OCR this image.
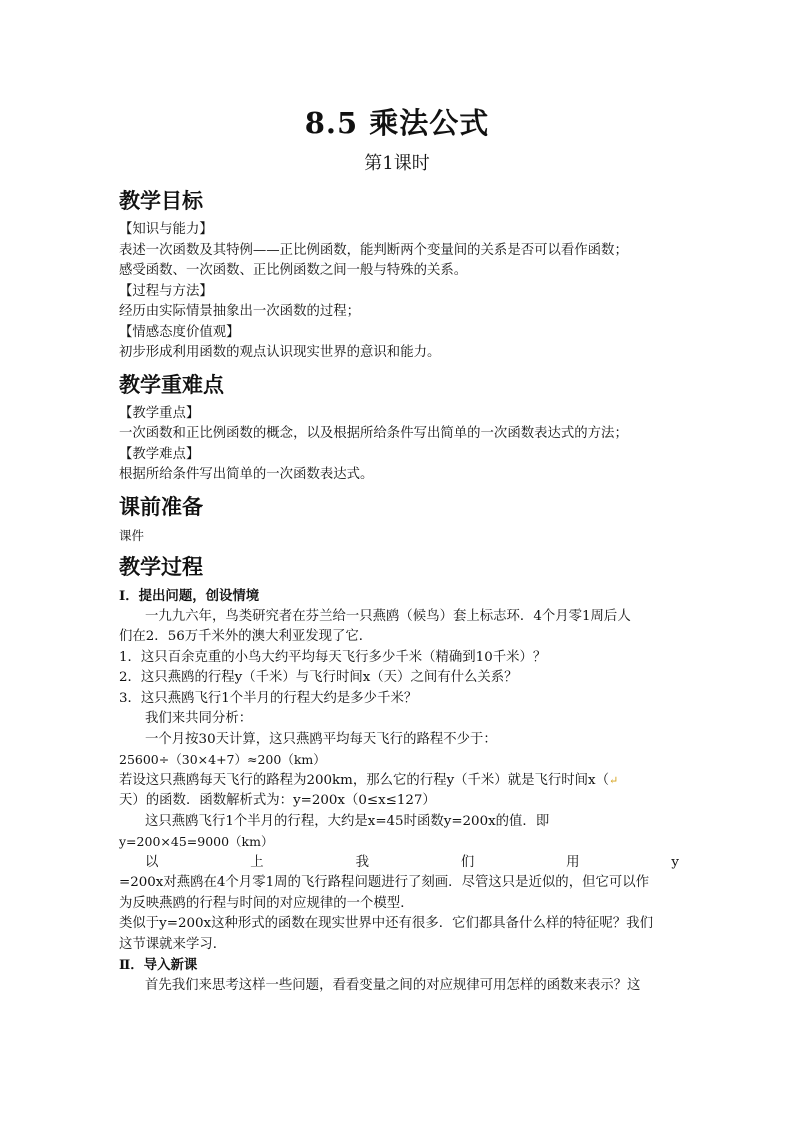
8.5 乘法公式
第1课时
教学目标

【知识与能力】

表述一次函数及其特例——正比例函数，能判断两个变量间的关系是否可以看作函数；

感受函数、一次函数、正比例函数之间一般与特殊的关系。

【过程与方法】

经历由实际情景抽象出一次函数的过程；

【情感态度价值观】

初步形成利用函数的观点认识现实世界的意识和能力。

教学重难点

【教学重点】

一次函数和正比例函数的概念，以及根据所给条件写出简单的一次函数表达式的方法；

【教学难点】

根据所给条件写出简单的一次函数表达式。

课前准备

课件

教学过程

Ⅰ．提出问题，创设情境

一九九六年，鸟类研究者在芬兰给一只燕鸥（候鸟）套上标志环．4个月零1周后人

们在2．56万千米外的澳大利亚发现了它．

1．这只百余克重的小鸟大约平均每天飞行多少千米（精确到10千米）？

2．这只燕鸥的行程y（千米）与飞行时间x（天）之间有什么关系？

3．这只燕鸥飞行1个半月的行程大约是多少千米？

我们来共同分析：

一个月按30天计算，这只燕鸥平均每天飞行的路程不少于：

25600÷（30×4+7）≈200（km）

若设这只燕鸥每天飞行的路程为200km，那么它的行程y（千米）就是飞行时间x（↵

天）的函数．函数解析式为：y=200x（0≤x≤127）

这只燕鸥飞行1个半月的行程，大约是x=45时函数y=200x的值．即

y=200×45=9000（km）

以	上	我	们	用	y

=200x对燕鸥在4个月零1周的飞行路程问题进行了刻画．尽管这只是近似的，但它可以作

为反映燕鸥的行程与时间的对应规律的一个模型．

类似于y=200x这种形式的函数在现实世界中还有很多．它们都具备什么样的特征呢？我们

这节课就来学习．

Ⅱ．导入新课

首先我们来思考这样一些问题，看看变量之间的对应规律可用怎样的函数来表示？这
